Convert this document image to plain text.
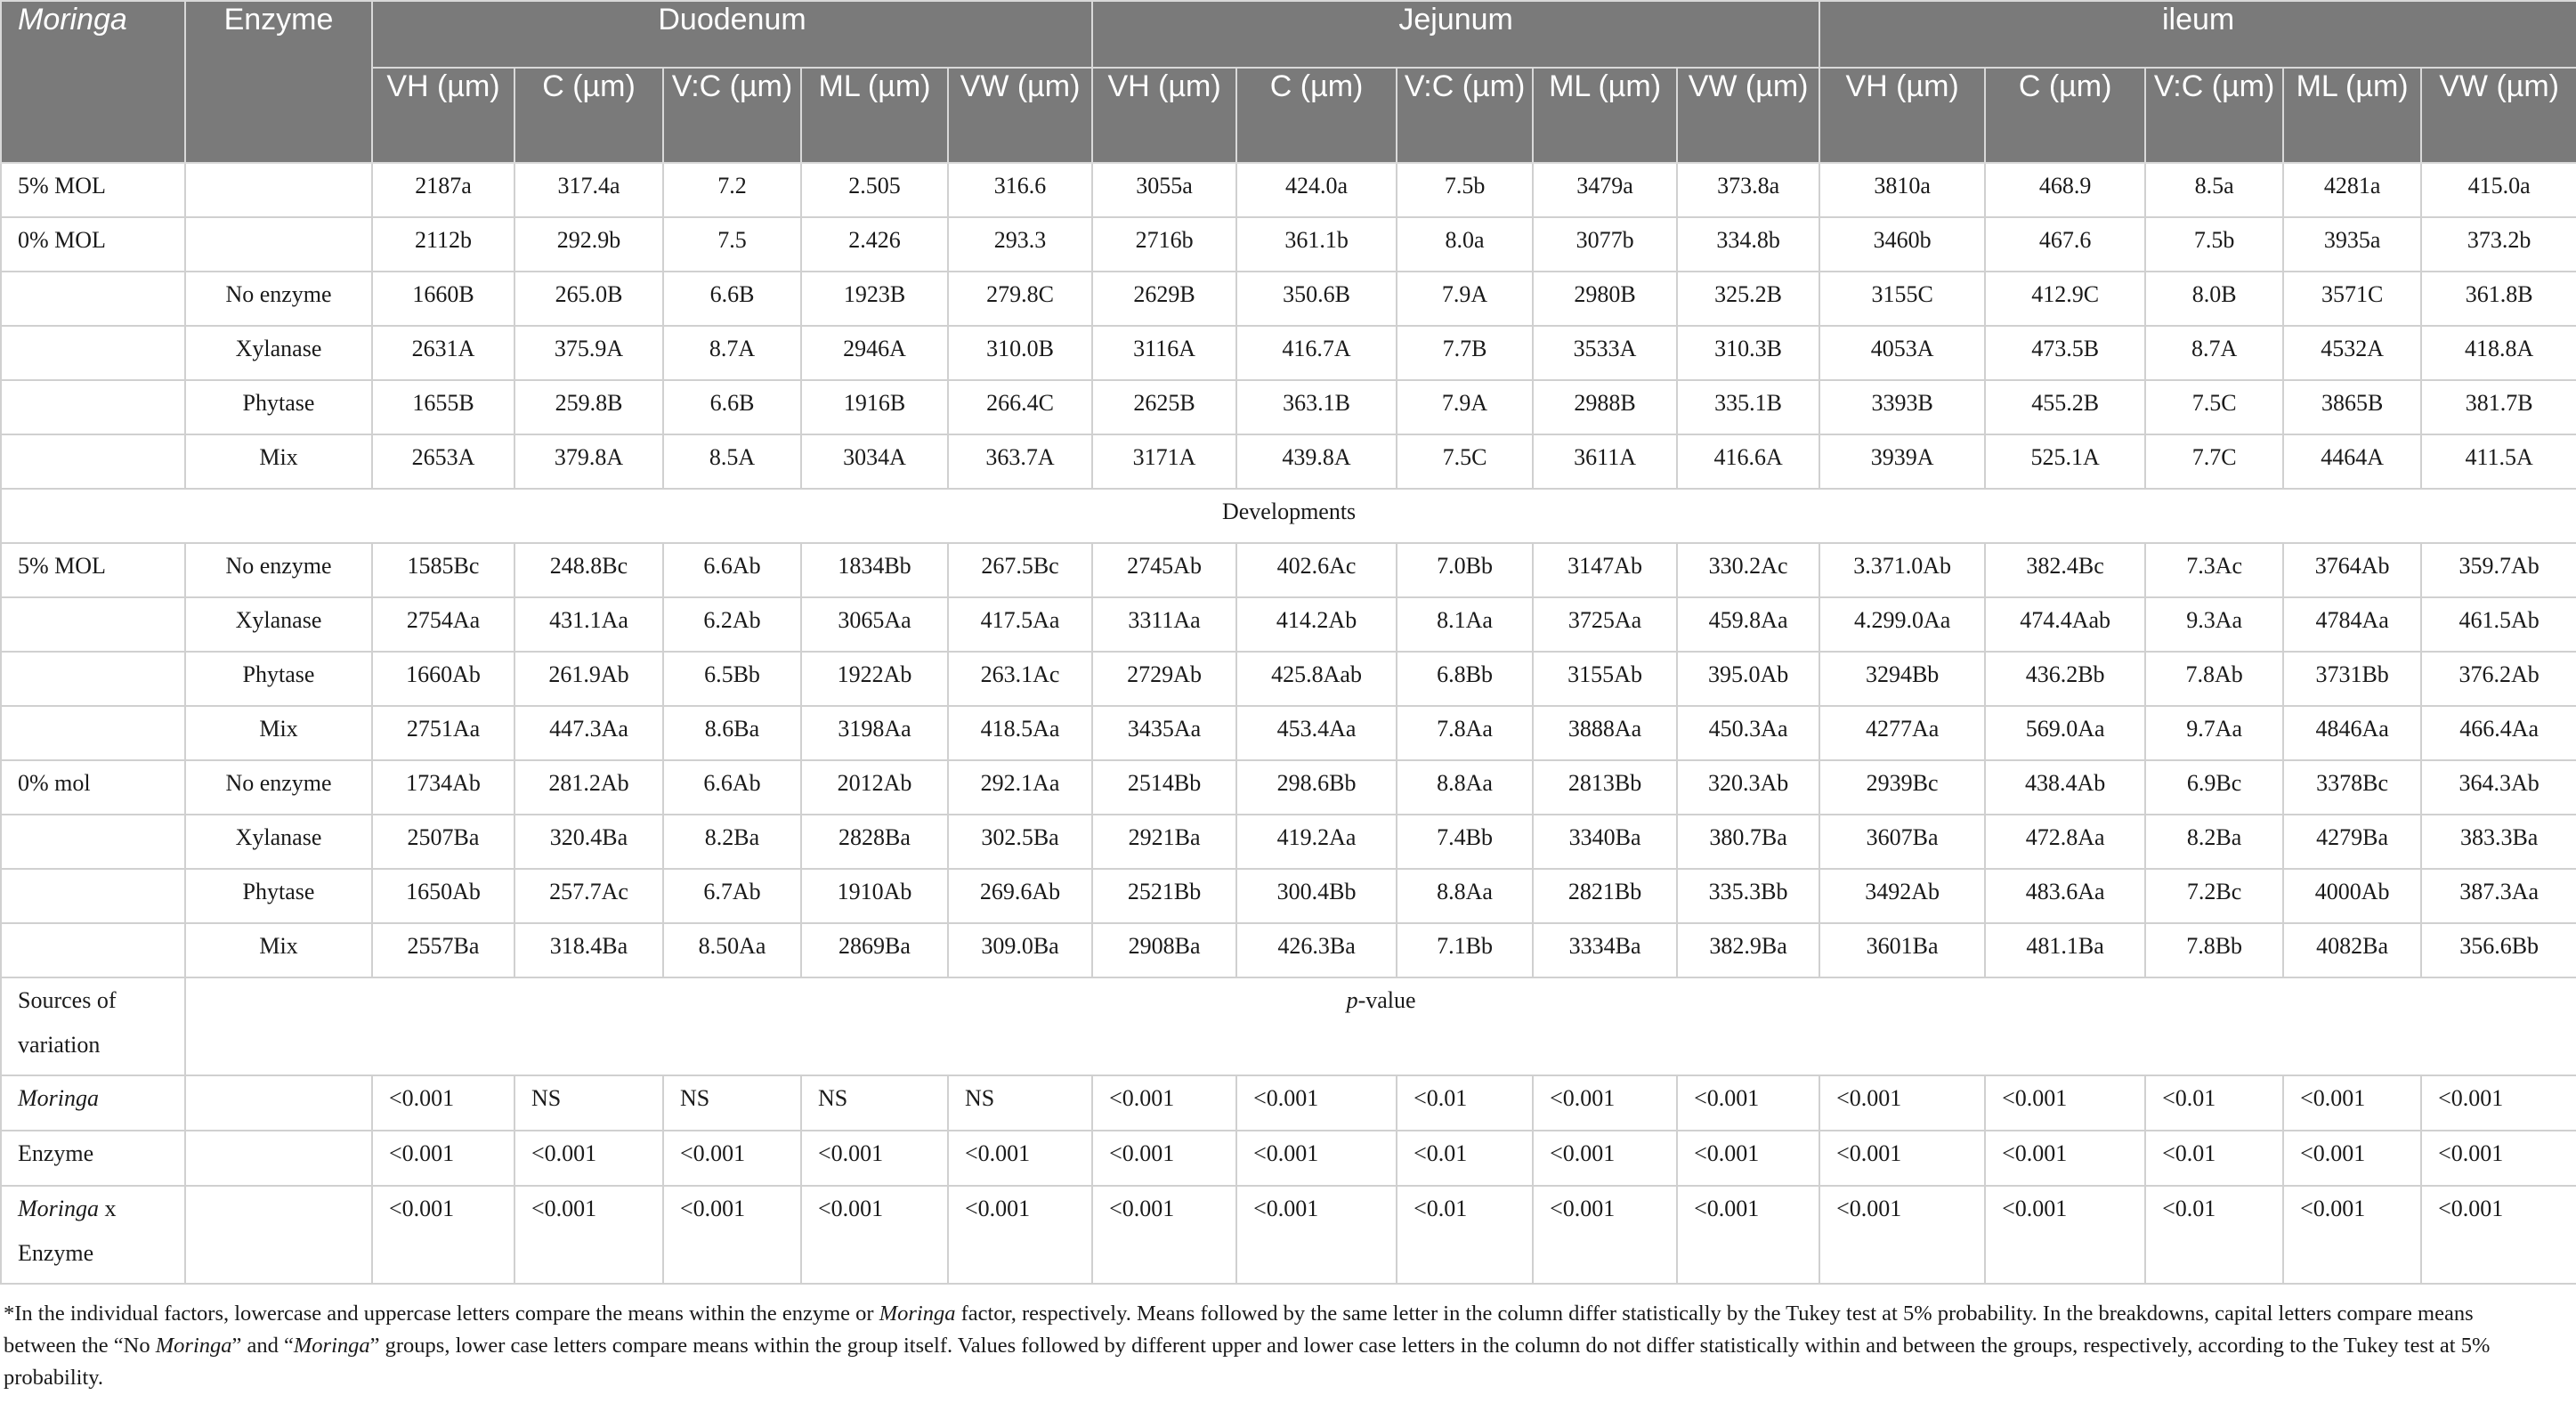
Moringa	Enzyme	Duodenum					Jejunum					ileum				
		VH (µm)	C (µm)	V:C (µm)	ML (µm)	VW (µm)	VH (µm)	C (µm)	V:C (µm)	ML (µm)	VW (µm)	VH (µm)	C (µm)	V:C (µm)	ML (µm)	VW (µm)
5% MOL		2187a	317.4a	7.2	2.505	316.6	3055a	424.0a	7.5b	3479a	373.8a	3810a	468.9	8.5a	4281a	415.0a
0% MOL		2112b	292.9b	7.5	2.426	293.3	2716b	361.1b	8.0a	3077b	334.8b	3460b	467.6	7.5b	3935a	373.2b
	No enzyme	1660B	265.0B	6.6B	1923B	279.8C	2629B	350.6B	7.9A	2980B	325.2B	3155C	412.9C	8.0B	3571C	361.8B
	Xylanase	2631A	375.9A	8.7A	2946A	310.0B	3116A	416.7A	7.7B	3533A	310.3B	4053A	473.5B	8.7A	4532A	418.8A
	Phytase	1655B	259.8B	6.6B	1916B	266.4C	2625B	363.1B	7.9A	2988B	335.1B	3393B	455.2B	7.5C	3865B	381.7B
	Mix	2653A	379.8A	8.5A	3034A	363.7A	3171A	439.8A	7.5C	3611A	416.6A	3939A	525.1A	7.7C	4464A	411.5A
Developments																
5% MOL	No enzyme	1585Bc	248.8Bc	6.6Ab	1834Bb	267.5Bc	2745Ab	402.6Ac	7.0Bb	3147Ab	330.2Ac	3.371.0Ab	382.4Bc	7.3Ac	3764Ab	359.7Ab
	Xylanase	2754Aa	431.1Aa	6.2Ab	3065Aa	417.5Aa	3311Aa	414.2Ab	8.1Aa	3725Aa	459.8Aa	4.299.0Aa	474.4Aab	9.3Aa	4784Aa	461.5Ab
	Phytase	1660Ab	261.9Ab	6.5Bb	1922Ab	263.1Ac	2729Ab	425.8Aab	6.8Bb	3155Ab	395.0Ab	3294Bb	436.2Bb	7.8Ab	3731Bb	376.2Ab
	Mix	2751Aa	447.3Aa	8.6Ba	3198Aa	418.5Aa	3435Aa	453.4Aa	7.8Aa	3888Aa	450.3Aa	4277Aa	569.0Aa	9.7Aa	4846Aa	466.4Aa
0% mol	No enzyme	1734Ab	281.2Ab	6.6Ab	2012Ab	292.1Aa	2514Bb	298.6Bb	8.8Aa	2813Bb	320.3Ab	2939Bc	438.4Ab	6.9Bc	3378Bc	364.3Ab
	Xylanase	2507Ba	320.4Ba	8.2Ba	2828Ba	302.5Ba	2921Ba	419.2Aa	7.4Bb	3340Ba	380.7Ba	3607Ba	472.8Aa	8.2Ba	4279Ba	383.3Ba
	Phytase	1650Ab	257.7Ac	6.7Ab	1910Ab	269.6Ab	2521Bb	300.4Bb	8.8Aa	2821Bb	335.3Bb	3492Ab	483.6Aa	7.2Bc	4000Ab	387.3Aa
	Mix	2557Ba	318.4Ba	8.50Aa	2869Ba	309.0Ba	2908Ba	426.3Ba	7.1Bb	3334Ba	382.9Ba	3601Ba	481.1Ba	7.8Bb	4082Ba	356.6Bb
Sources of variation	p-value															
Moringa		<0.001	NS	NS	NS	NS	<0.001	<0.001	<0.01	<0.001	<0.001	<0.001	<0.001	<0.01	<0.001	<0.001
Enzyme		<0.001	<0.001	<0.001	<0.001	<0.001	<0.001	<0.001	<0.01	<0.001	<0.001	<0.001	<0.001	<0.01	<0.001	<0.001
Moringa x Enzyme		<0.001	<0.001	<0.001	<0.001	<0.001	<0.001	<0.001	<0.01	<0.001	<0.001	<0.001	<0.001	<0.01	<0.001	<0.001
*In the individual factors, lowercase and uppercase letters compare the means within the enzyme or Moringa factor, respectively. Means followed by the same letter in the column differ statistically by the Tukey test at 5% probability. In the breakdowns, capital letters compare means between the “No Moringa” and “Moringa” groups, lower case letters compare means within the group itself. Values followed by different upper and lower case letters in the column do not differ statistically within and between the groups, respectively, according to the Tukey test at 5% probability.
